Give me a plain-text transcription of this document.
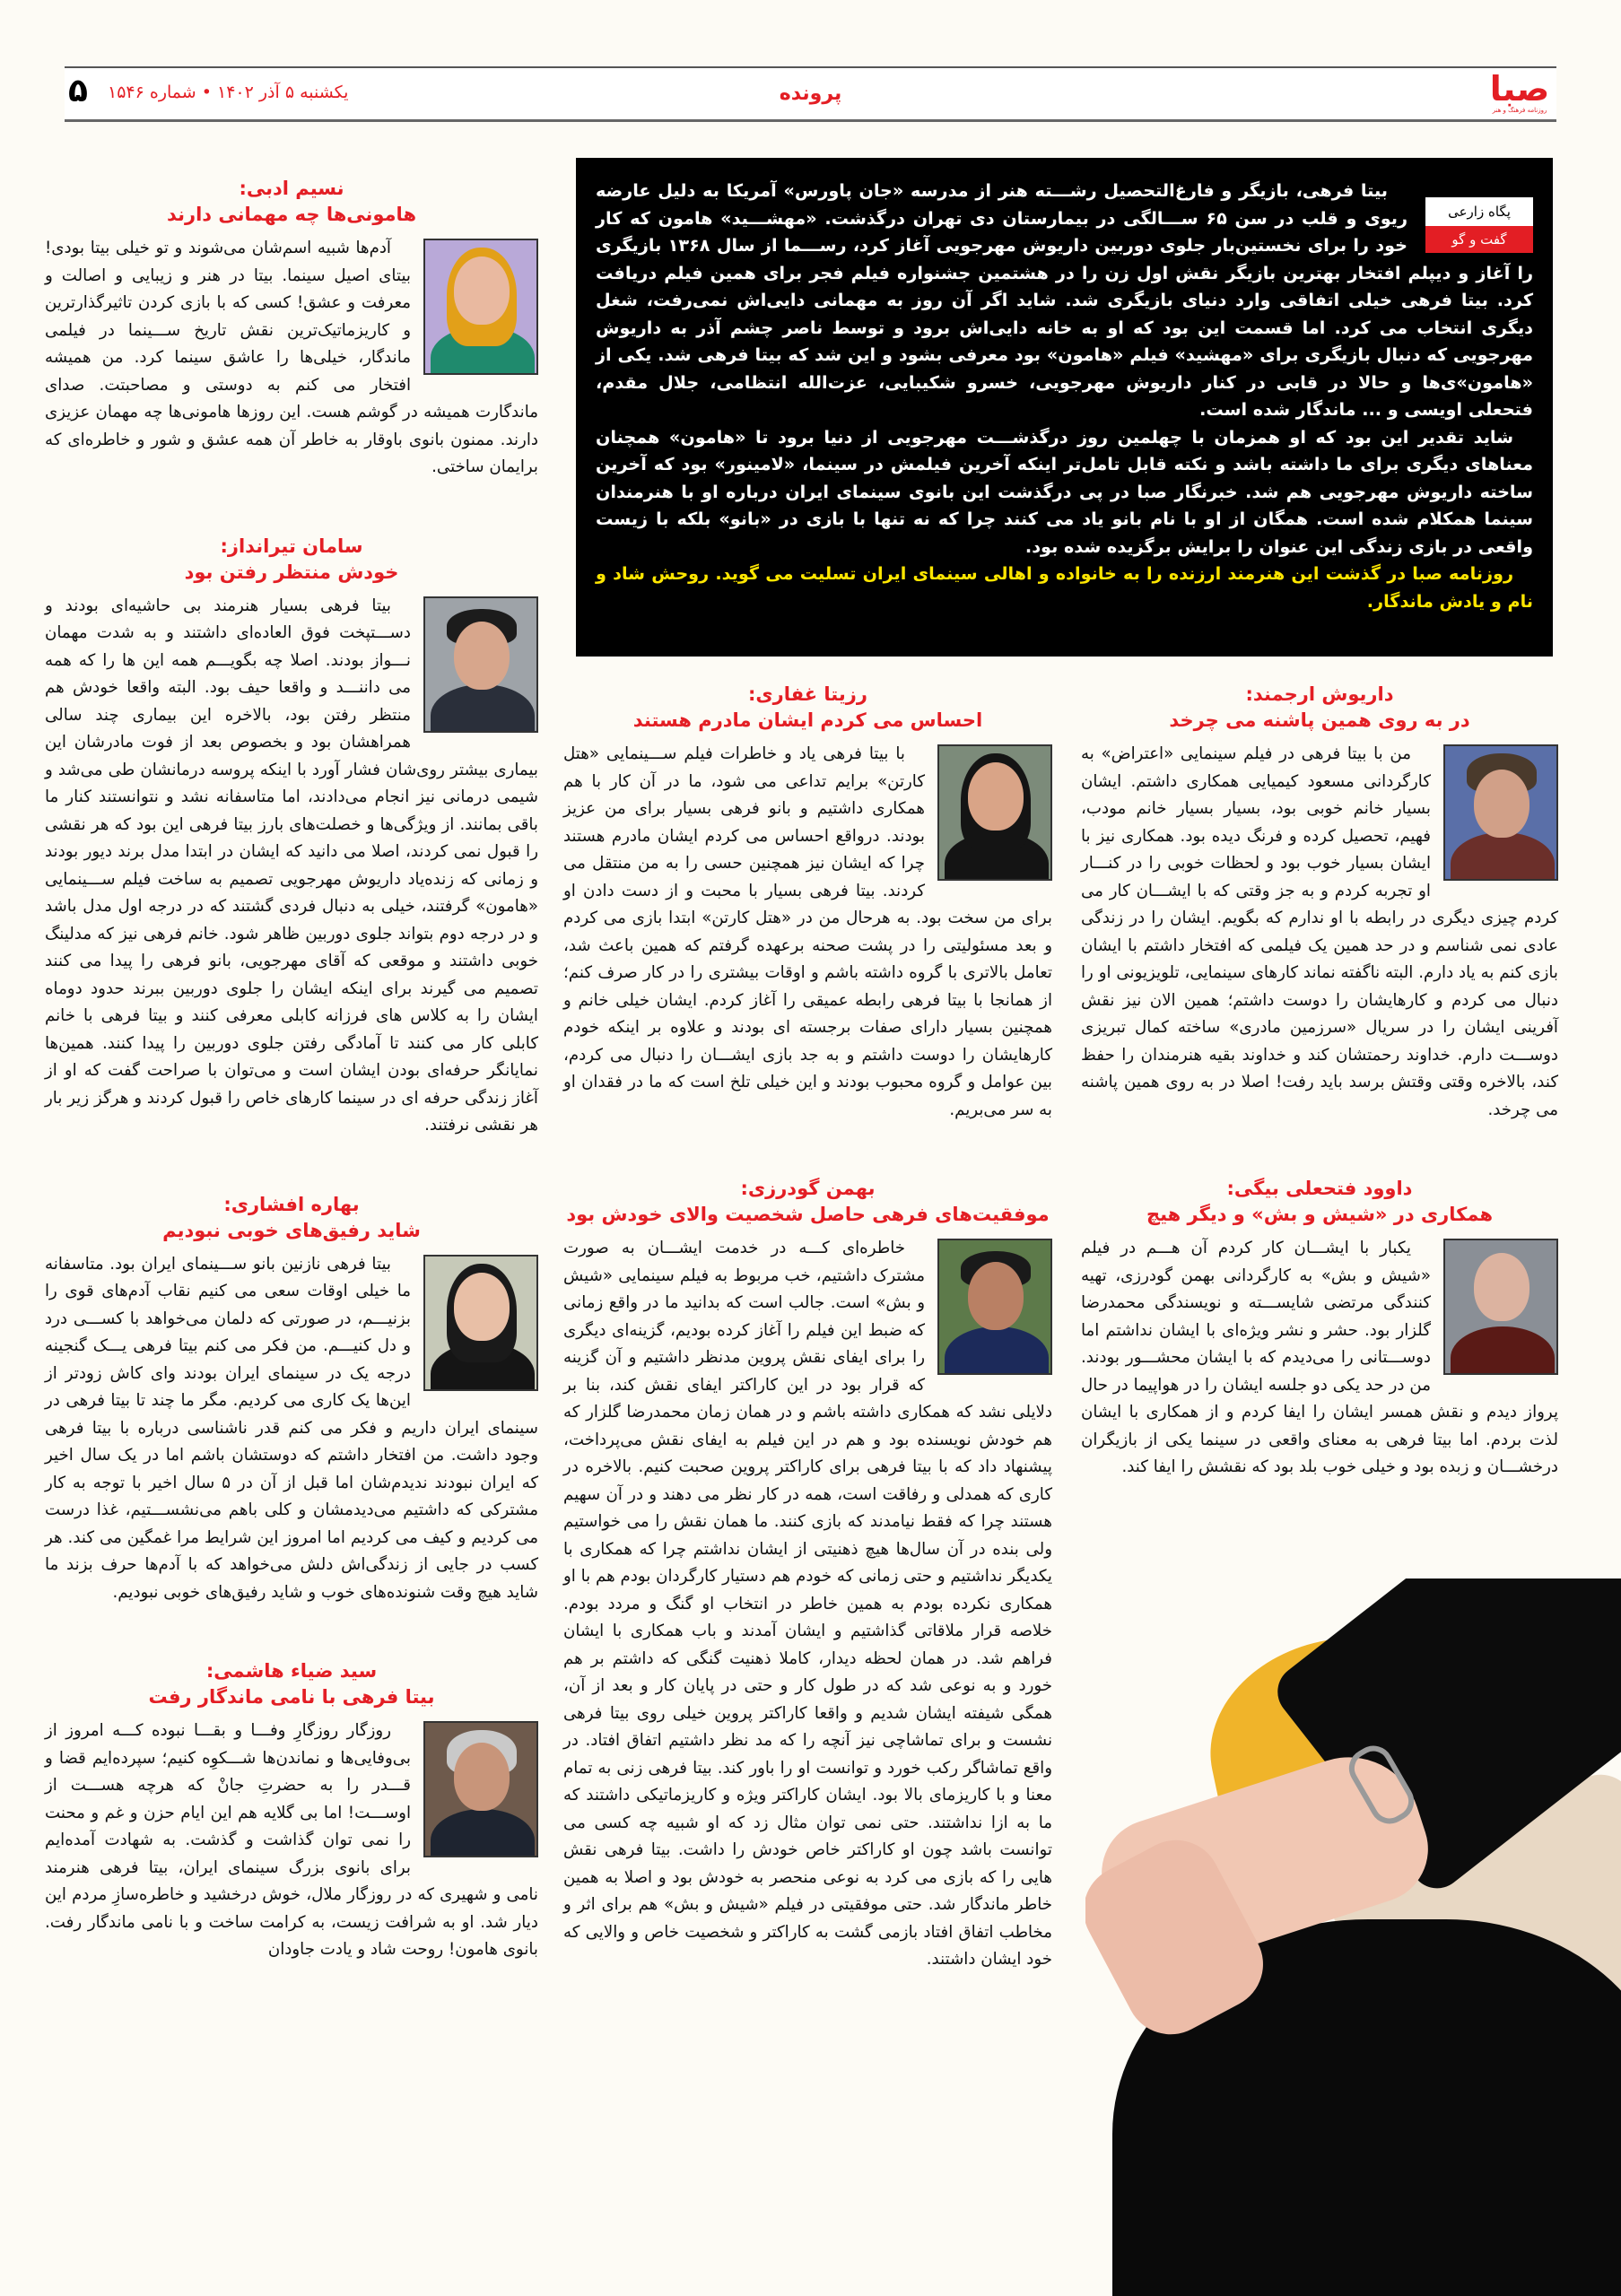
صبا
روزنامه فرهنگ و هنر
پرونده
یکشنبه ۵ آذر ۱۴۰۲ • شماره ۱۵۴۶
۵
پگاه زارعی
گفت و گو

بیتا فرهی، بازیگر و فارغ‌التحصیل رشـــته هنر از مدرسه «جان پاورس» آمریکا به دلیل عارضه ریوی و قلب در سن ۶۵ ســـالگی در بیمارستان دی تهران درگذشت. «مهشـــید» هامون که کار خود را برای نخستین‌بار جلوی دوربین داریوش مهرجویی آغاز کرد، رســـما از سال ۱۳۶۸ بازیگری را آغاز و دیپلم افتخار بهترین بازیگر نقش اول زن را در هشتمین جشنواره فیلم فجر برای همین فیلم دریافت کرد. بیتا فرهی خیلی اتفاقی وارد دنیای بازیگری شد. شاید اگر آن روز به مهمانی دایی‌اش نمی‌رفت، شغل دیگری انتخاب می کرد. اما قسمت این بود که او به خانه دایی‌اش برود و توسط ناصر چشم آذر به داریوش مهرجویی که دنبال بازیگری برای «مهشید» فیلم «هامون» بود معرفی بشود و این شد که بیتا فرهی شد. یکی از «هامون»ی‌ها و حالا در قابی در کنار داریوش مهرجویی، خسرو شکیبایی، عزت‌الله انتظامی، جلال مقدم، فتحعلی اویسی و ... ماندگار شده است.

شاید تقدیر این بود که او همزمان با چهلمین روز درگذشـــت مهرجویی از دنیا برود تا «هامون» همچنان معناهای دیگری برای ما داشته باشد و نکته قابل تامل‌تر اینکه آخرین فیلمش در سینما، «لامینور» بود که آخرین ساخته داریوش مهرجویی هم شد. خبرنگار صبا در پی درگذشت این بانوی سینمای ایران درباره او با هنرمندان سینما همکلام شده است. همگان از او با نام بانو یاد می کنند چرا که نه تنها با بازی در «بانو» بلکه با زیست واقعی در بازی زندگی این عنوان را برایش برگزیده شده بود.

روزنامه صبا در گذشت این هنرمند ارزنده را به خانواده و اهالی سینمای ایران تسلیت می گوید. روحش شاد و نام و یادش ماندگار.

نسیم ادبی:
هامونی‌ها چه مهمانی دارند
آدم‌ها شبیه اسم‌شان می‌شوند و تو خیلی بیتا بودی! بیتای اصیل سینما. بیتا در هنر و زیبایی و اصالت و معرفت و عشق! کسی که با بازی کردن تاثیرگذارترین و کاریزماتیک‌ترین نقش تاریخ ســـینما در فیلمی ماندگار، خیلی‌ها را عاشق سینما کرد. من همیشه افتخار می کنم به دوستی و مصاحبتت. صدای ماندگارت همیشه در گوشم هست. این روزها هامونی‌ها چه مهمان عزیزی دارند. ممنون بانوی باوقار به خاطر آن همه عشق و شور و خاطره‌ای که برایمان ساختی.
سامان تیرانداز:
خودش منتظر رفتن بود
بیتا فرهی بسیار هنرمند بی حاشیه‌ای بودند و دســـتپخت فوق العاده‌ای داشتند و به شدت مهمان نـــواز بودند. اصلا چه بگویـــم همه این ها را که همه می داننـــد و واقعا حیف بود. البته واقعا خودش هم منتظر رفتن بود، بالاخره این بیماری چند سالی همراهشان بود و بخصوص بعد از فوت مادرشان این بیماری بیشتر روی‌شان فشار آورد با اینکه پروسه درمانشان طی می‌شد و شیمی درمانی نیز انجام می‌دادند، اما متاسفانه نشد و نتوانستند کنار ما باقی بمانند. از ویژگی‌ها و خصلت‌های بارز بیتا فرهی این بود که هر نقشی را قبول نمی کردند، اصلا می دانید که ایشان در ابتدا مدل برند دیور بودند و زمانی که زنده‌یاد داریوش مهرجویی تصمیم به ساخت فیلم ســـینمایی «هامون» گرفتند، خیلی به دنبال فردی گشتند که در درجه اول مدل باشد و در درجه دوم بتواند جلوی دوربین ظاهر شود. خانم فرهی نیز که مدلینگ خوبی داشتند و موقعی که آقای مهرجویی، بانو فرهی را پیدا می کنند تصمیم می گیرند برای اینکه ایشان را جلوی دوربین ببرند حدود دوماه ایشان را به کلاس های فرزانه کابلی معرفی کنند و بیتا فرهی با خانم کابلی کار می کنند تا آمادگی رفتن جلوی دوربین را پیدا کنند. همین‌ها نمایانگر حرفه‌ای بودن ایشان است و می‌توان با صراحت گفت که او از آغاز زندگی حرفه ای در سینما کارهای خاص را قبول کردند و هرگز زیر بار هر نقشی نرفتند.
بهاره افشاری:
شاید رفیق‌های خوبی نبودیم
بیتا فرهی نازنین بانو ســـینمای ایران بود. متاسفانه ما خیلی اوقات سعی می کنیم نقاب آدم‌های قوی را بزنیـــم، در صورتی که دلمان می‌خواهد با کســـی درد و دل کنیـــم. من فکر می کنم بیتا فرهی یـــک گنجینه درجه یک در سینمای ایران بودند وای کاش زودتر از این‌ها یک کاری می کردیم. مگر ما چند تا بیتا فرهی در سینمای ایران داریم و فکر می کنم قدر ناشناسی درباره با بیتا فرهی وجود داشت. من افتخار داشتم که دوستشان باشم اما در یک سال اخیر که ایران نبودند ندیدم‌شان اما قبل از آن در ۵ سال اخیر با توجه به کار مشترکی که داشتیم می‌دیدمشان و کلی باهم می‌نشســـتیم، غذا درست می کردیم و کیف می کردیم اما امروز این شرایط مرا غمگین می کند. هر کسب در جایی از زندگی‌اش دلش می‌خواهد که با آدم‌ها حرف بزند ما شاید هیچ وقت شنونده‌های خوب و شاید رفیق‌های خوبی نبودیم.
سید ضیاء هاشمی:
بیتا فرهی با نامی ماندگار رفت
روزگار روزگارِ وفـــا و بقـــا نبوده کـــه امروز از بی‌وفایی‌ها و نماندن‌ها شـــکوِه کنیم؛ سپرده‌ایم قضا و قـــدر را به حضرتِ جانْ که هرچه هســـت از اوســـت! اما بی گلایه هم این ایام حزن و غم و محنت را نمی توان گذاشت و گذشت. به شهادت آمده‌ایم برای بانوی بزرگ سینمای ایران، بیتا فرهی هنرمند نامی و شهیری که در روزگار ملال، خوش درخشید و خاطره‌سازِ مردم این دیار شد. او به شرافت زیست، به کرامت ساخت و با نامی ماندگار رفت. بانوی هامون! روحت شاد و یادت جاودان
رزیتا غفاری:
احساس می کردم ایشان مادرم هستند
با بیتا فرهی یاد و خاطرات فیلم ســـینمایی «هتل کارتن» برایم تداعی می شود، ما در آن کار با هم همکاری داشتیم و بانو فرهی بسیار برای من عزیز بودند. درواقع احساس می کردم ایشان مادرم هستند چرا که ایشان نیز همچنین حسی را به من منتقل می کردند. بیتا فرهی بسیار با محبت و از دست دادن او برای من سخت بود. به هرحال من در «هتل کارتن» ابتدا بازی می کردم و بعد مسئولیتی را در پشت صحنه برعهده گرفتم که همین باعث شد، تعامل بالاتری با گروه داشته باشم و اوقات بیشتری را در کار صرف کنم؛ از همانجا با بیتا فرهی رابطه عمیقی را آغاز کردم. ایشان خیلی خانم و همچنین بسیار دارای صفات برجسته ای بودند و علاوه بر اینکه خودم کارهایشان را دوست داشتم و به جد بازی ایشـــان را دنبال می کردم، بین عوامل و گروه محبوب بودند و این خیلی تلخ است که ما در فقدان او به سر می‌بریم.
بهمن گودرزی:
موفقیت‌های فرهی حاصل شخصیت والای خودش بود
خاطره‌ای کـــه در خدمت ایشـــان به صورت مشترک داشتیم، خب مربوط به فیلم سینمایی «شیش و بش» است. جالب است که بدانید ما در واقع زمانی که ضبط این فیلم را آغاز کرده بودیم، گزینه‌ای دیگری را برای ایفای نقش پروین مدنظر داشتیم و آن گزینه که قرار بود در این کاراکتر ایفای نقش کند، بنا بر دلایلی نشد که همکاری داشته باشم و در همان زمان محمدرضا گلزار که هم خودش نویسنده بود و هم در این فیلم به ایفای نقش می‌پرداخت، پیشنهاد داد که با بیتا فرهی برای کاراکتر پروین صحبت کنیم. بالاخره در کاری که همدلی و رفاقت است، همه در کار نظر می دهند و در آن سهیم هستند چرا که فقط نیامدند که بازی کنند. ما همان نقش را می خواستیم ولی بنده در آن سال‌ها هیچ ذهنیتی از ایشان نداشتم چرا که همکاری با یکدیگر نداشتیم و حتی زمانی که خودم هم دستیار کارگردان بودم هم با او همکاری نکرده بودم به همین خاطر در انتخاب او گنگ و مردد بودم. خلاصه قرار ملاقاتی گذاشتیم و ایشان آمدند و باب همکاری با ایشان فراهم شد. در همان لحظه دیدار، کاملا ذهنیت گنگی که داشتم بر هم خورد و به نوعی شد که در طول کار و حتی در پایان کار و بعد از آن، همگی شیفته ایشان شدیم و واقعا کاراکتر پروین خیلی روی بیتا فرهی نشست و برای تماشاچی نیز آنچه را که مد نظر داشتیم اتفاق افتاد. در واقع تماشاگر رکب خورد و توانست او را باور کند. بیتا فرهی زنی به تمام معنا و با کاریزمای بالا بود. ایشان کاراکتر ویژه و کاریزماتیکی داشتند که ما به ازا نداشتند. حتی نمی توان مثال زد که او شبیه چه کسی می توانست باشد چون او کاراکتر خاص خودش را داشت. بیتا فرهی نقش هایی را که بازی می کرد به نوعی منحصر به خودش بود و اصلا به همین خاطر ماندگار شد. حتی موفقیتی در فیلم «شیش و بش» هم برای اثر و مخاطب اتفاق افتاد بازمی گشت به کاراکتر و شخصیت خاص و والایی که خود ایشان داشتند.
داریوش ارجمند:
در به روی همین پاشنه می چرخد
من با بیتا فرهی در فیلم سینمایی «اعتراض» به کارگردانی مسعود کیمیایی همکاری داشتم. ایشان بسیار خانم خوبی بود، بسیار بسیار خانم مودب، فهیم، تحصیل کرده و فرنگ دیده بود. همکاری نیز با ایشان بسیار خوب بود و لحظات خوبی را در کنـــار او تجربه کردم و به جز وقتی که با ایشـــان کار می کردم چیزی دیگری در رابطه با او ندارم که بگویم. ایشان را در زندگی عادی نمی شناسم و در حد همین یک فیلمی که افتخار داشتم با ایشان بازی کنم به یاد دارم. البته ناگفته نماند کارهای سینمایی، تلویزیونی او را دنبال می کردم و کارهایشان را دوست داشتم؛ همین الان نیز نقش آفرینی ایشان را در سریال «سرزمین مادری» ساخته کمال تبریزی دوســـت دارم. خداوند رحمتشان کند و خداوند بقیه هنرمندان را حفظ کند، بالاخره وقتی وقتش برسد باید رفت! اصلا در به روی همین پاشنه می چرخد.
داوود فتحعلی بیگی:
همکاری در «شیش و بش» و دیگر هیچ
یکبار با ایشـــان کار کردم آن هـــم در فیلم «شیش و بش» به کارگردانی بهمن گودرزی، تهیه کنندگی مرتضی شایســـته و نویسندگی محمدرضا گلزار بود. حشر و نشر ویژه‌ای با ایشان نداشتم اما دوســـتانی را می‌دیدم که با ایشان محشـــور بودند. من در حد یکی دو جلسه ایشان را در هواپیما در حال پرواز دیدم و نقش همسر ایشان را ایفا کردم و از همکاری با ایشان لذت بردم. اما بیتا فرهی به معنای واقعی در سینما یکی از بازیگران درخشـــان و زبده بود و خیلی خوب بلد بود که نقشش را ایفا کند.
